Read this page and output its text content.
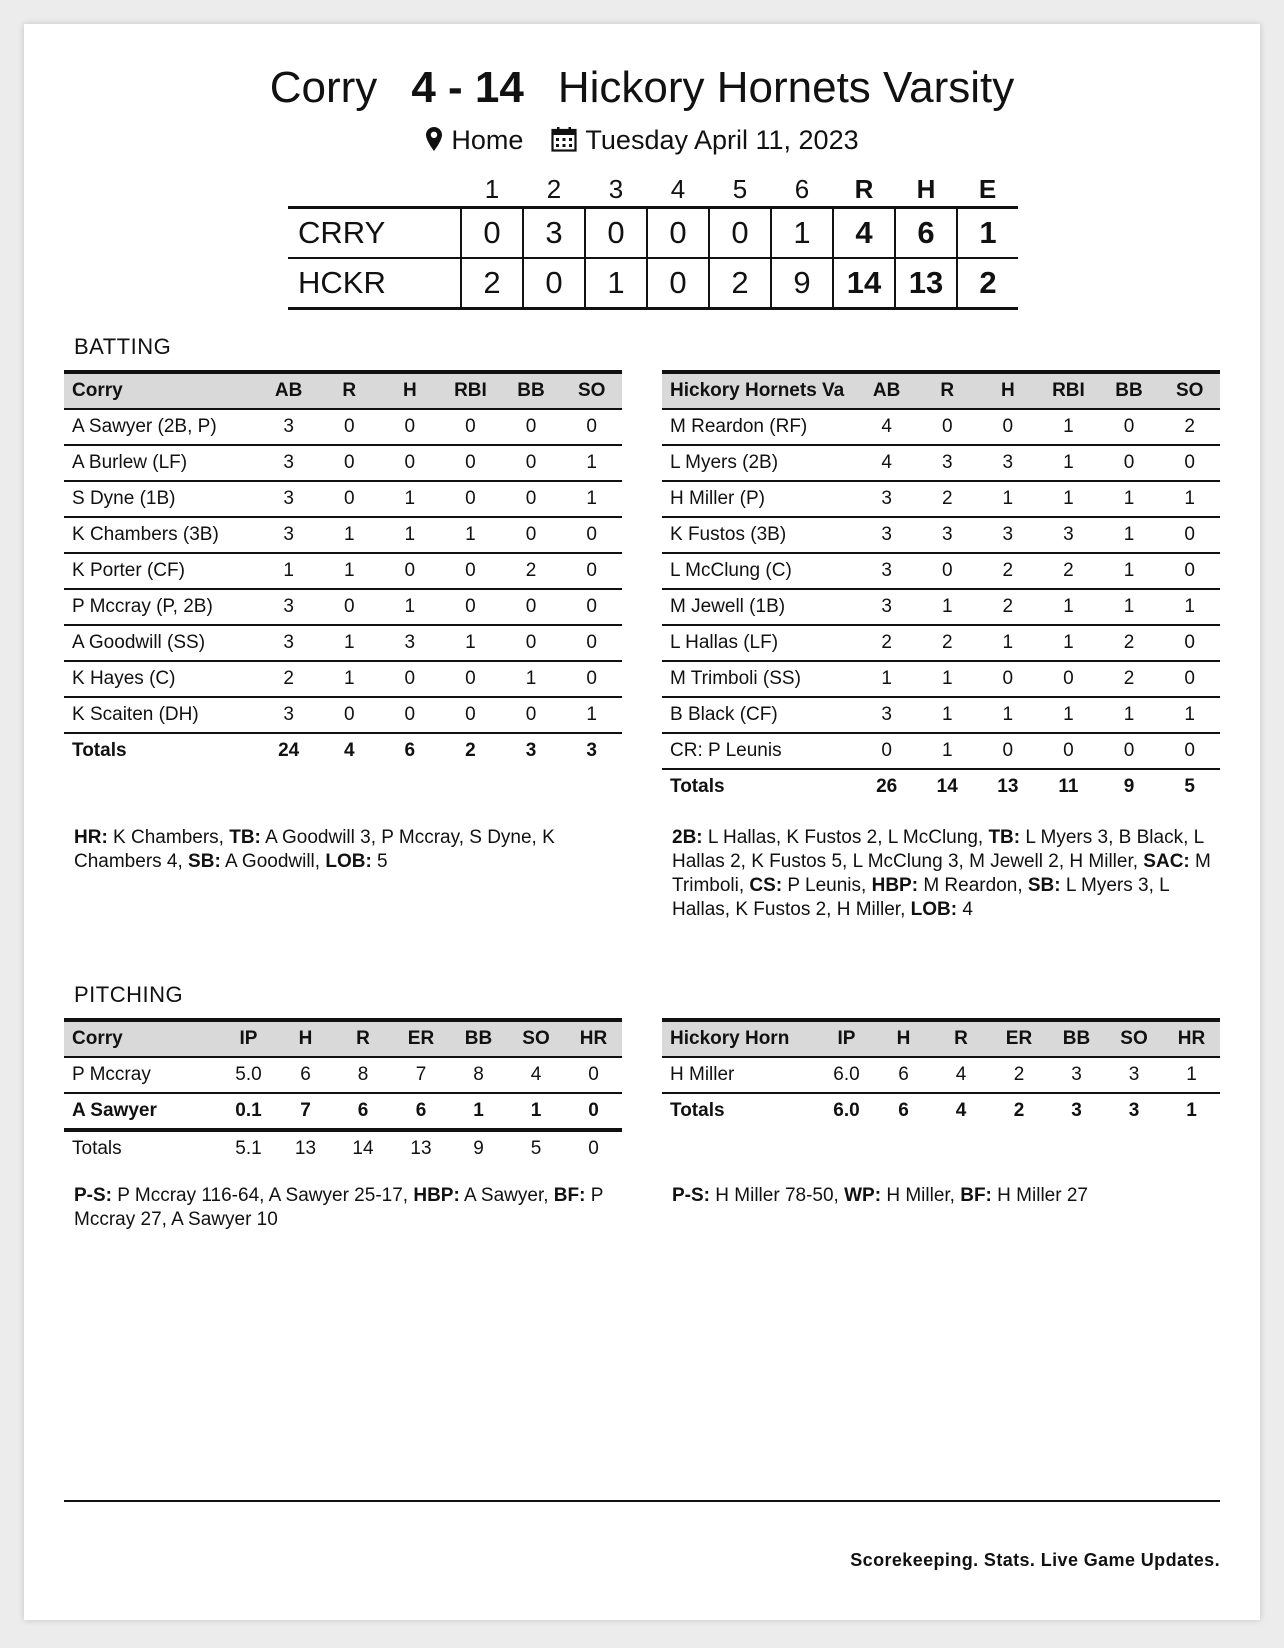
Corry 4 - 14 Hickory Hornets Varsity
Home Tuesday April 11, 2023
	1	2	3	4	5	6	R	H	E
CRRY	0	3	0	0	0	1	4	6	1
HCKR	2	0	1	0	2	9	14	13	2
BATTING
Corry	AB	R	H	RBI	BB	SO
A Sawyer (2B, P)	3	0	0	0	0	0
A Burlew (LF)	3	0	0	0	0	1
S Dyne (1B)	3	0	1	0	0	1
K Chambers (3B)	3	1	1	1	0	0
K Porter (CF)	1	1	0	0	2	0
P Mccray (P, 2B)	3	0	1	0	0	0
A Goodwill (SS)	3	1	3	1	0	0
K Hayes (C)	2	1	0	0	1	0
K Scaiten (DH)	3	0	0	0	0	1
Totals	24	4	6	2	3	3
Hickory Hornets Va	AB	R	H	RBI	BB	SO
M Reardon (RF)	4	0	0	1	0	2
L Myers (2B)	4	3	3	1	0	0
H Miller (P)	3	2	1	1	1	1
K Fustos (3B)	3	3	3	3	1	0
L McClung (C)	3	0	2	2	1	0
M Jewell (1B)	3	1	2	1	1	1
L Hallas (LF)	2	2	1	1	2	0
M Trimboli (SS)	1	1	0	0	2	0
B Black (CF)	3	1	1	1	1	1
CR: P Leunis	0	1	0	0	0	0
Totals	26	14	13	11	9	5
HR: K Chambers, TB: A Goodwill 3, P Mccray, S Dyne, K Chambers 4, SB: A Goodwill, LOB: 5
2B: L Hallas, K Fustos 2, L McClung, TB: L Myers 3, B Black, L Hallas 2, K Fustos 5, L McClung 3, M Jewell 2, H Miller, SAC: M Trimboli, CS: P Leunis, HBP: M Reardon, SB: L Myers 3, L Hallas, K Fustos 2, H Miller, LOB: 4
PITCHING
Corry	IP	H	R	ER	BB	SO	HR
P Mccray	5.0	6	8	7	8	4	0
A Sawyer	0.1	7	6	6	1	1	0
Totals	5.1	13	14	13	9	5	0
Hickory Horn	IP	H	R	ER	BB	SO	HR
H Miller	6.0	6	4	2	3	3	1
Totals	6.0	6	4	2	3	3	1
P-S: P Mccray 116-64, A Sawyer 25-17, HBP: A Sawyer, BF: P Mccray 27, A Sawyer 10
P-S: H Miller 78-50, WP: H Miller, BF: H Miller 27
Scorekeeping. Stats. Live Game Updates.
